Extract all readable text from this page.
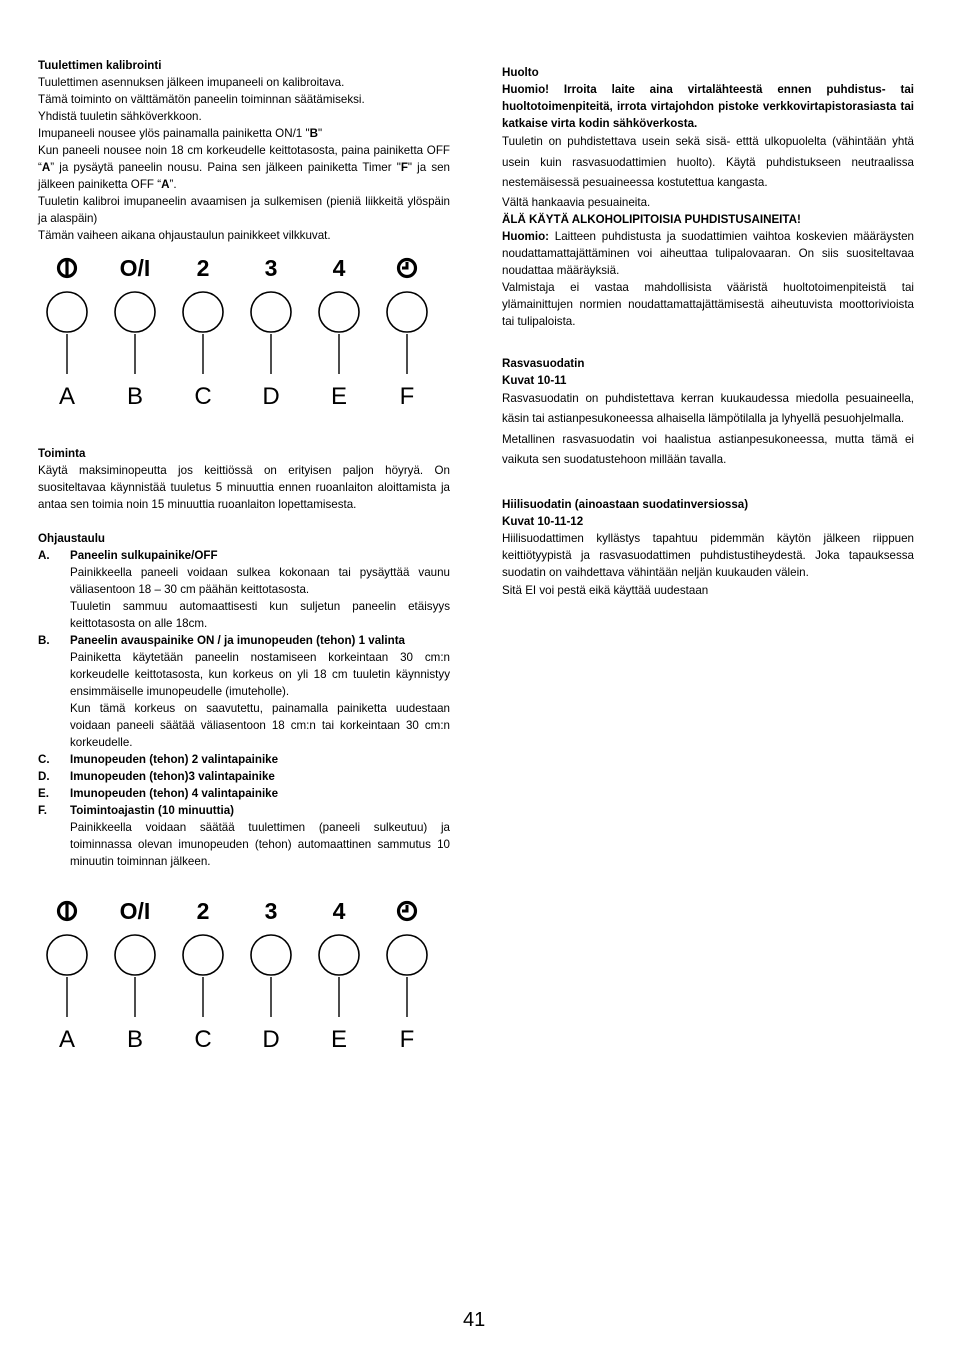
Tuulettimen kalibrointi

Tuulettimen asennuksen jälkeen imupaneeli on kalibroitava.

Tämä toiminto on välttämätön paneelin toiminnan säätämiseksi.

Yhdistä tuuletin sähköverkkoon.

Imupaneeli nousee ylös painamalla painiketta ON/1 "B"

Kun paneeli nousee noin 18 cm korkeudelle keittotasosta, paina painiketta OFF “A” ja pysäytä paneelin nousu. Paina sen jälkeen painiketta Timer "F" ja sen jälkeen painiketta OFF “A”.

Tuuletin kalibroi imupaneelin avaamisen ja sulkemisen (pieniä liikkeitä ylöspäin ja alaspäin)

Tämän vaiheen aikana ohjaustaulun painikkeet vilkkuvat.

A
O/I
B
2
C
3
D
4
E F

Toiminta

Käytä maksiminopeutta jos keittiössä on erityisen paljon höyryä. On suositeltavaa käynnistää tuuletus 5 minuuttia ennen ruoanlaiton aloittamista ja antaa sen toimia noin 15 minuuttia ruoanlaiton lopettamisesta.

Ohjaustaulu

A.	Paneelin sulkupainike/OFF

Painikkeella paneeli voidaan sulkea kokonaan tai pysäyttää vaunu väliasentoon 18 – 30 cm päähän keittotasosta.

Tuuletin sammuu automaattisesti kun suljetun paneelin etäisyys keittotasosta on alle 18cm.

B.	Paneelin avauspainike ON / ja imunopeuden (tehon) 1 valinta

Painiketta käytetään paneelin nostamiseen korkeintaan 30 cm:n korkeudelle keittotasosta, kun korkeus on yli 18 cm tuuletin käynnistyy ensimmäiselle imunopeudelle (imuteholle).

Kun tämä korkeus on saavutettu, painamalla painiketta uudestaan voidaan paneeli säätää väliasentoon 18 cm:n tai korkeintaan 30 cm:n korkeudelle.

C.	Imunopeuden (tehon) 2 valintapainike
D.	Imunopeuden (tehon)3 valintapainike
E.	Imunopeuden (tehon) 4 valintapainike
F.	Toimintoajastin (10 minuuttia)

Painikkeella voidaan säätää tuulettimen (paneeli sulkeutuu) ja toiminnassa olevan imunopeuden (tehon) automaattinen sammutus 10 minuutin toiminnan jälkeen.

A
O/I
B
2
C
3
D
4
E F

Huolto

Huomio! Irroita laite aina virtalähteestä ennen puhdistus- tai huoltotoimenpiteitä, irrota virtajohdon pistoke verkkovirtapistorasiasta tai katkaise virta kodin sähköverkosta.

Tuuletin on puhdistettava usein sekä sisä- etttä ulkopuolelta (vähintään yhtä usein kuin rasvasuodattimien huolto). Käytä puhdistukseen neutraalissa nestemäisessä pesuaineessa kostutettua kangasta.

Vältä hankaavia pesuaineita.

ÄLÄ KÄYTÄ ALKOHOLIPITOISIA PUHDISTUSAINEITA!

Huomio: Laitteen puhdistusta ja suodattimien vaihtoa koskevien määräysten noudattamattajättäminen voi aiheuttaa tulipalovaaran. On siis suositeltavaa noudattaa määräyksiä.

Valmistaja ei vastaa mahdollisista vääristä huoltotoimenpiteistä tai ylämainittujen normien noudattamattajättämisestä aiheutuvista moottorivioista tai tulipaloista.

Rasvasuodatin

Kuvat 10-11

Rasvasuodatin on puhdistettava kerran kuukaudessa miedolla pesuaineella, käsin tai astianpesukoneessa alhaisella lämpötilalla ja lyhyellä pesuohjelmalla.

Metallinen rasvasuodatin voi haalistua astianpesukoneessa, mutta tämä ei vaikuta sen suodatustehoon millään tavalla.

Hiilisuodatin (ainoastaan suodatinversiossa)

Kuvat 10-11-12

Hiilisuodattimen kyllästys tapahtuu pidemmän käytön jälkeen riippuen keittiötyypistä ja rasvasuodattimen puhdistustiheydestä. Joka tapauksessa suodatin on vaihdettava vähintään neljän kuukauden välein.

Sitä EI voi pestä eikä käyttää uudestaan

41
